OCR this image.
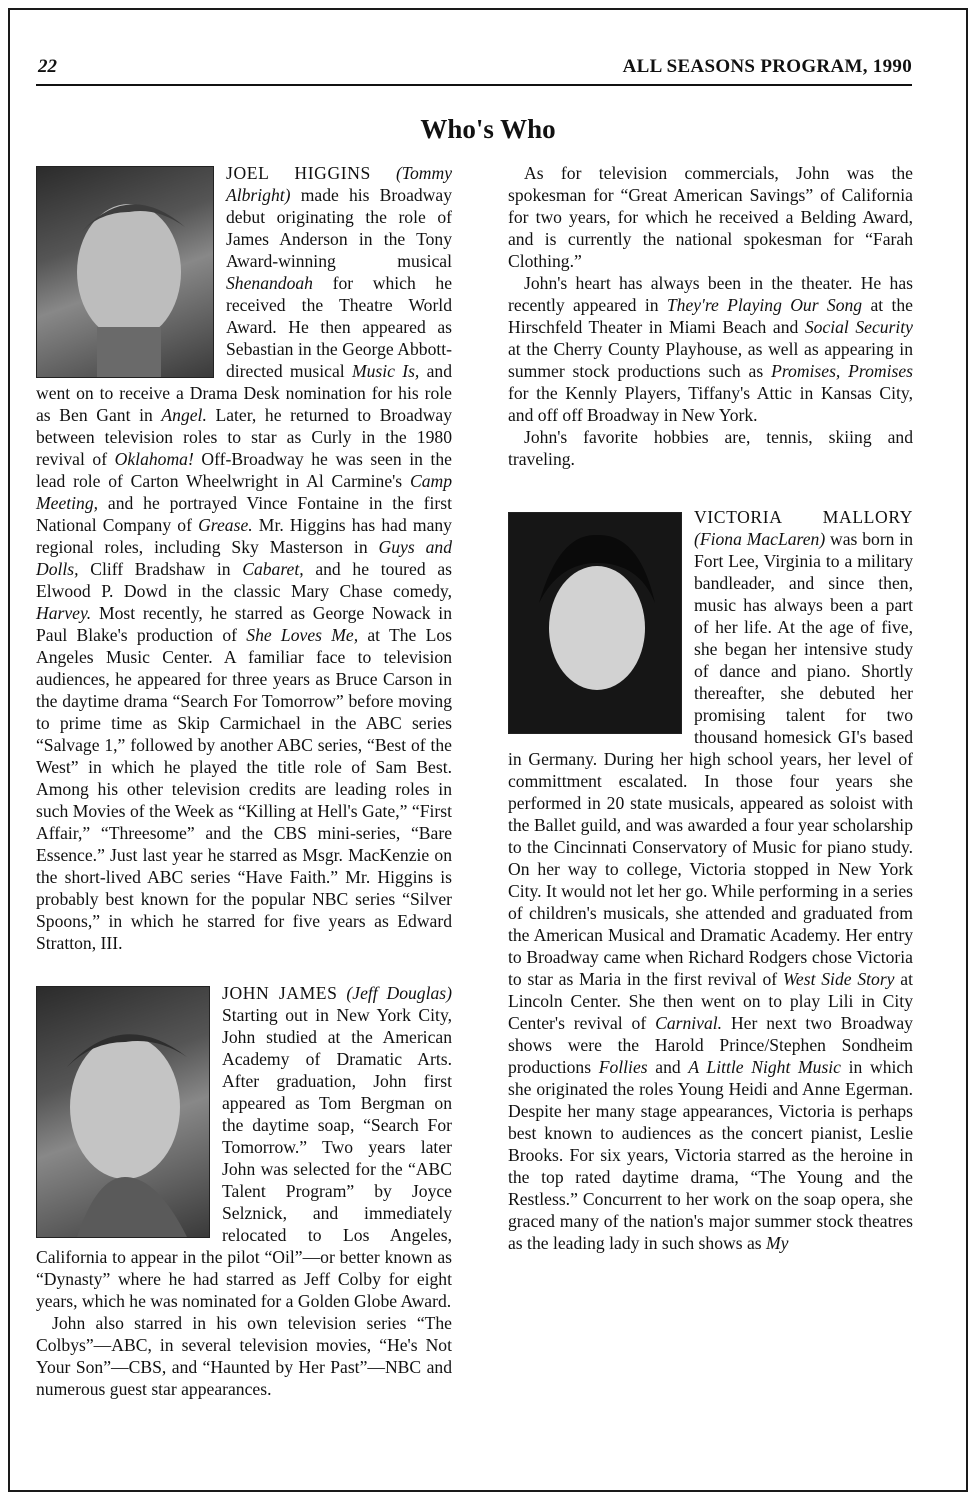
22	ALL SEASONS PROGRAM, 1990
Who's Who

JOEL HIGGINS (Tommy Albright) made his Broadway debut originating the role of James Anderson in the Tony Award-winning musical Shenandoah for which he received the Theatre World Award. He then appeared as Sebastian in the George Abbott-directed musical Music Is, and went on to receive a Drama Desk nomination for his role as Ben Gant in Angel. Later, he returned to Broadway between television roles to star as Curly in the 1980 revival of Oklahoma! Off-Broadway he was seen in the lead role of Carton Wheelwright in Al Carmine's Camp Meeting, and he portrayed Vince Fontaine in the first National Company of Grease. Mr. Higgins has had many regional roles, including Sky Masterson in Guys and Dolls, Cliff Bradshaw in Cabaret, and he toured as Elwood P. Dowd in the classic Mary Chase comedy, Harvey. Most recently, he starred as George Nowack in Paul Blake's production of She Loves Me, at The Los Angeles Music Center. A familiar face to television audiences, he appeared for three years as Bruce Carson in the daytime drama “Search For Tomorrow” before moving to prime time as Skip Carmichael in the ABC series “Salvage 1,” followed by another ABC series, “Best of the West” in which he played the title role of Sam Best. Among his other television credits are leading roles in such Movies of the Week as “Killing at Hell's Gate,” “First Affair,” “Threesome” and the CBS mini-series, “Bare Essence.” Just last year he starred as Msgr. MacKenzie on the short-lived ABC series “Have Faith.” Mr. Higgins is probably best known for the popular NBC series “Silver Spoons,” in which he starred for five years as Edward Stratton, III.

JOHN JAMES (Jeff Douglas) Starting out in New York City, John studied at the American Academy of Dramatic Arts. After graduation, John first appeared as Tom Bergman on the daytime soap, “Search For Tomorrow.” Two years later John was selected for the “ABC Talent Program” by Joyce Selznick, and immediately relocated to Los Angeles, California to appear in the pilot “Oil”—or better known as “Dynasty” where he had starred as Jeff Colby for eight years, which he was nominated for a Golden Globe Award.

John also starred in his own television series “The Colbys”—ABC, in several television movies, “He's Not Your Son”—CBS, and “Haunted by Her Past”—NBC and numerous guest star appearances.

As for television commercials, John was the spokesman for “Great American Savings” of California for two years, for which he received a Belding Award, and is currently the national spokesman for “Farah Clothing.”

John's heart has always been in the theater. He has recently appeared in They're Playing Our Song at the Hirschfeld Theater in Miami Beach and Social Security at the Cherry County Playhouse, as well as appearing in summer stock productions such as Promises, Promises for the Kennly Players, Tiffany's Attic in Kansas City, and off off Broadway in New York.

John's favorite hobbies are, tennis, skiing and traveling.

VICTORIA MALLORY (Fiona MacLaren) was born in Fort Lee, Virginia to a military bandleader, and since then, music has always been a part of her life. At the age of five, she began her intensive study of dance and piano. Shortly thereafter, she debuted her promising talent for two thousand homesick GI's based in Germany. During her high school years, her level of committment escalated. In those four years she performed in 20 state musicals, appeared as soloist with the Ballet guild, and was awarded a four year scholarship to the Cincinnati Conservatory of Music for piano study. On her way to college, Victoria stopped in New York City. It would not let her go. While performing in a series of children's musicals, she attended and graduated from the American Musical and Dramatic Academy. Her entry to Broadway came when Richard Rodgers chose Victoria to star as Maria in the first revival of West Side Story at Lincoln Center. She then went on to play Lili in City Center's revival of Carnival. Her next two Broadway shows were the Harold Prince/Stephen Sondheim productions Follies and A Little Night Music in which she originated the roles Young Heidi and Anne Egerman. Despite her many stage appearances, Victoria is perhaps best known to audiences as the concert pianist, Leslie Brooks. For six years, Victoria starred as the heroine in the top rated daytime drama, “The Young and the Restless.” Concurrent to her work on the soap opera, she graced many of the nation's major summer stock theatres as the leading lady in such shows as My
